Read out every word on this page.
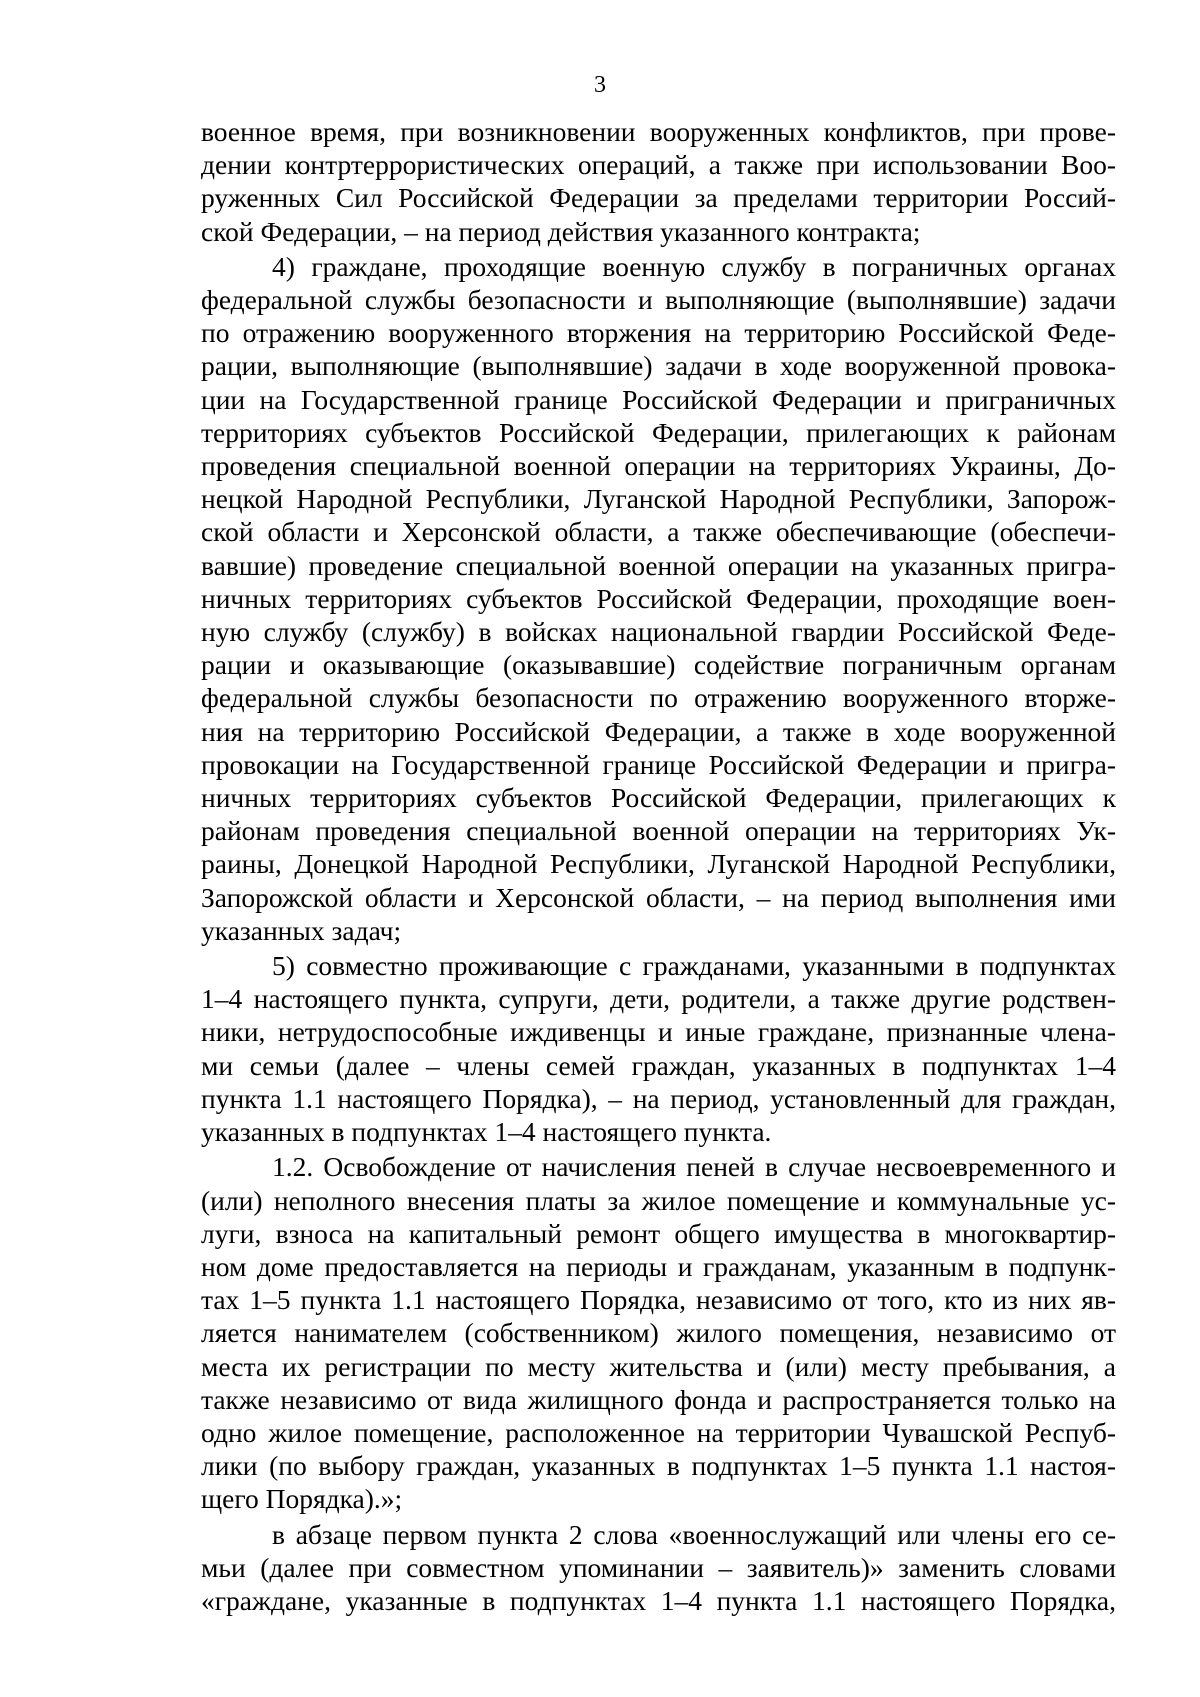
3

военное время, при возникновении вооруженных конфликтов, при прове-
дении контртеррористических операций, а также при использовании Воо-
руженных Сил Российской Федерации за пределами территории Россий-
ской Федерации, – на период действия указанного контракта;

4) граждане, проходящие военную службу в пограничных органах
федеральной службы безопасности и выполняющие (выполнявшие) задачи
по отражению вооруженного вторжения на территорию Российской Феде-
рации, выполняющие (выполнявшие) задачи в ходе вооруженной провока-
ции на Государственной границе Российской Федерации и приграничных
территориях субъектов Российской Федерации, прилегающих к районам
проведения специальной военной операции на территориях Украины, До-
нецкой Народной Республики, Луганской Народной Республики, Запорож-
ской области и Херсонской области, а также обеспечивающие (обеспечи-
вавшие) проведение специальной военной операции на указанных пригра-
ничных территориях субъектов Российской Федерации, проходящие воен-
ную службу (службу) в войсках национальной гвардии Российской Феде-
рации и оказывающие (оказывавшие) содействие пограничным органам
федеральной службы безопасности по отражению вооруженного вторже-
ния на территорию Российской Федерации, а также в ходе вооруженной
провокации на Государственной границе Российской Федерации и пригра-
ничных территориях субъектов Российской Федерации, прилегающих к
районам проведения специальной военной операции на территориях Ук-
раины, Донецкой Народной Республики, Луганской Народной Республики,
Запорожской области и Херсонской области, – на период выполнения ими
указанных задач;

5) совместно проживающие с гражданами, указанными в подпунктах
1–4 настоящего пункта, супруги, дети, родители, а также другие родствен-
ники, нетрудоспособные иждивенцы и иные граждане, признанные члена-
ми семьи (далее – члены семей граждан, указанных в подпунктах 1–4
пункта 1.1 настоящего Порядка), – на период, установленный для граждан,
указанных в подпунктах 1–4 настоящего пункта.

1.2. Освобождение от начисления пеней в случае несвоевременного и
(или) неполного внесения платы за жилое помещение и коммунальные ус-
луги, взноса на капитальный ремонт общего имущества в многоквартир-
ном доме предоставляется на периоды и гражданам, указанным в подпунк-
тах 1–5 пункта 1.1 настоящего Порядка, независимо от того, кто из них яв-
ляется нанимателем (собственником) жилого помещения, независимо от
места их регистрации по месту жительства и (или) месту пребывания, а
также независимо от вида жилищного фонда и распространяется только на
одно жилое помещение, расположенное на территории Чувашской Респуб-
лики (по выбору граждан, указанных в подпунктах 1–5 пункта 1.1 настоя-
щего Порядка).»;

в абзаце первом пункта 2 слова «военнослужащий или члены его се-
мьи (далее при совместном упоминании – заявитель)» заменить словами
«граждане, указанные в подпунктах 1–4 пункта 1.1 настоящего Порядка,
